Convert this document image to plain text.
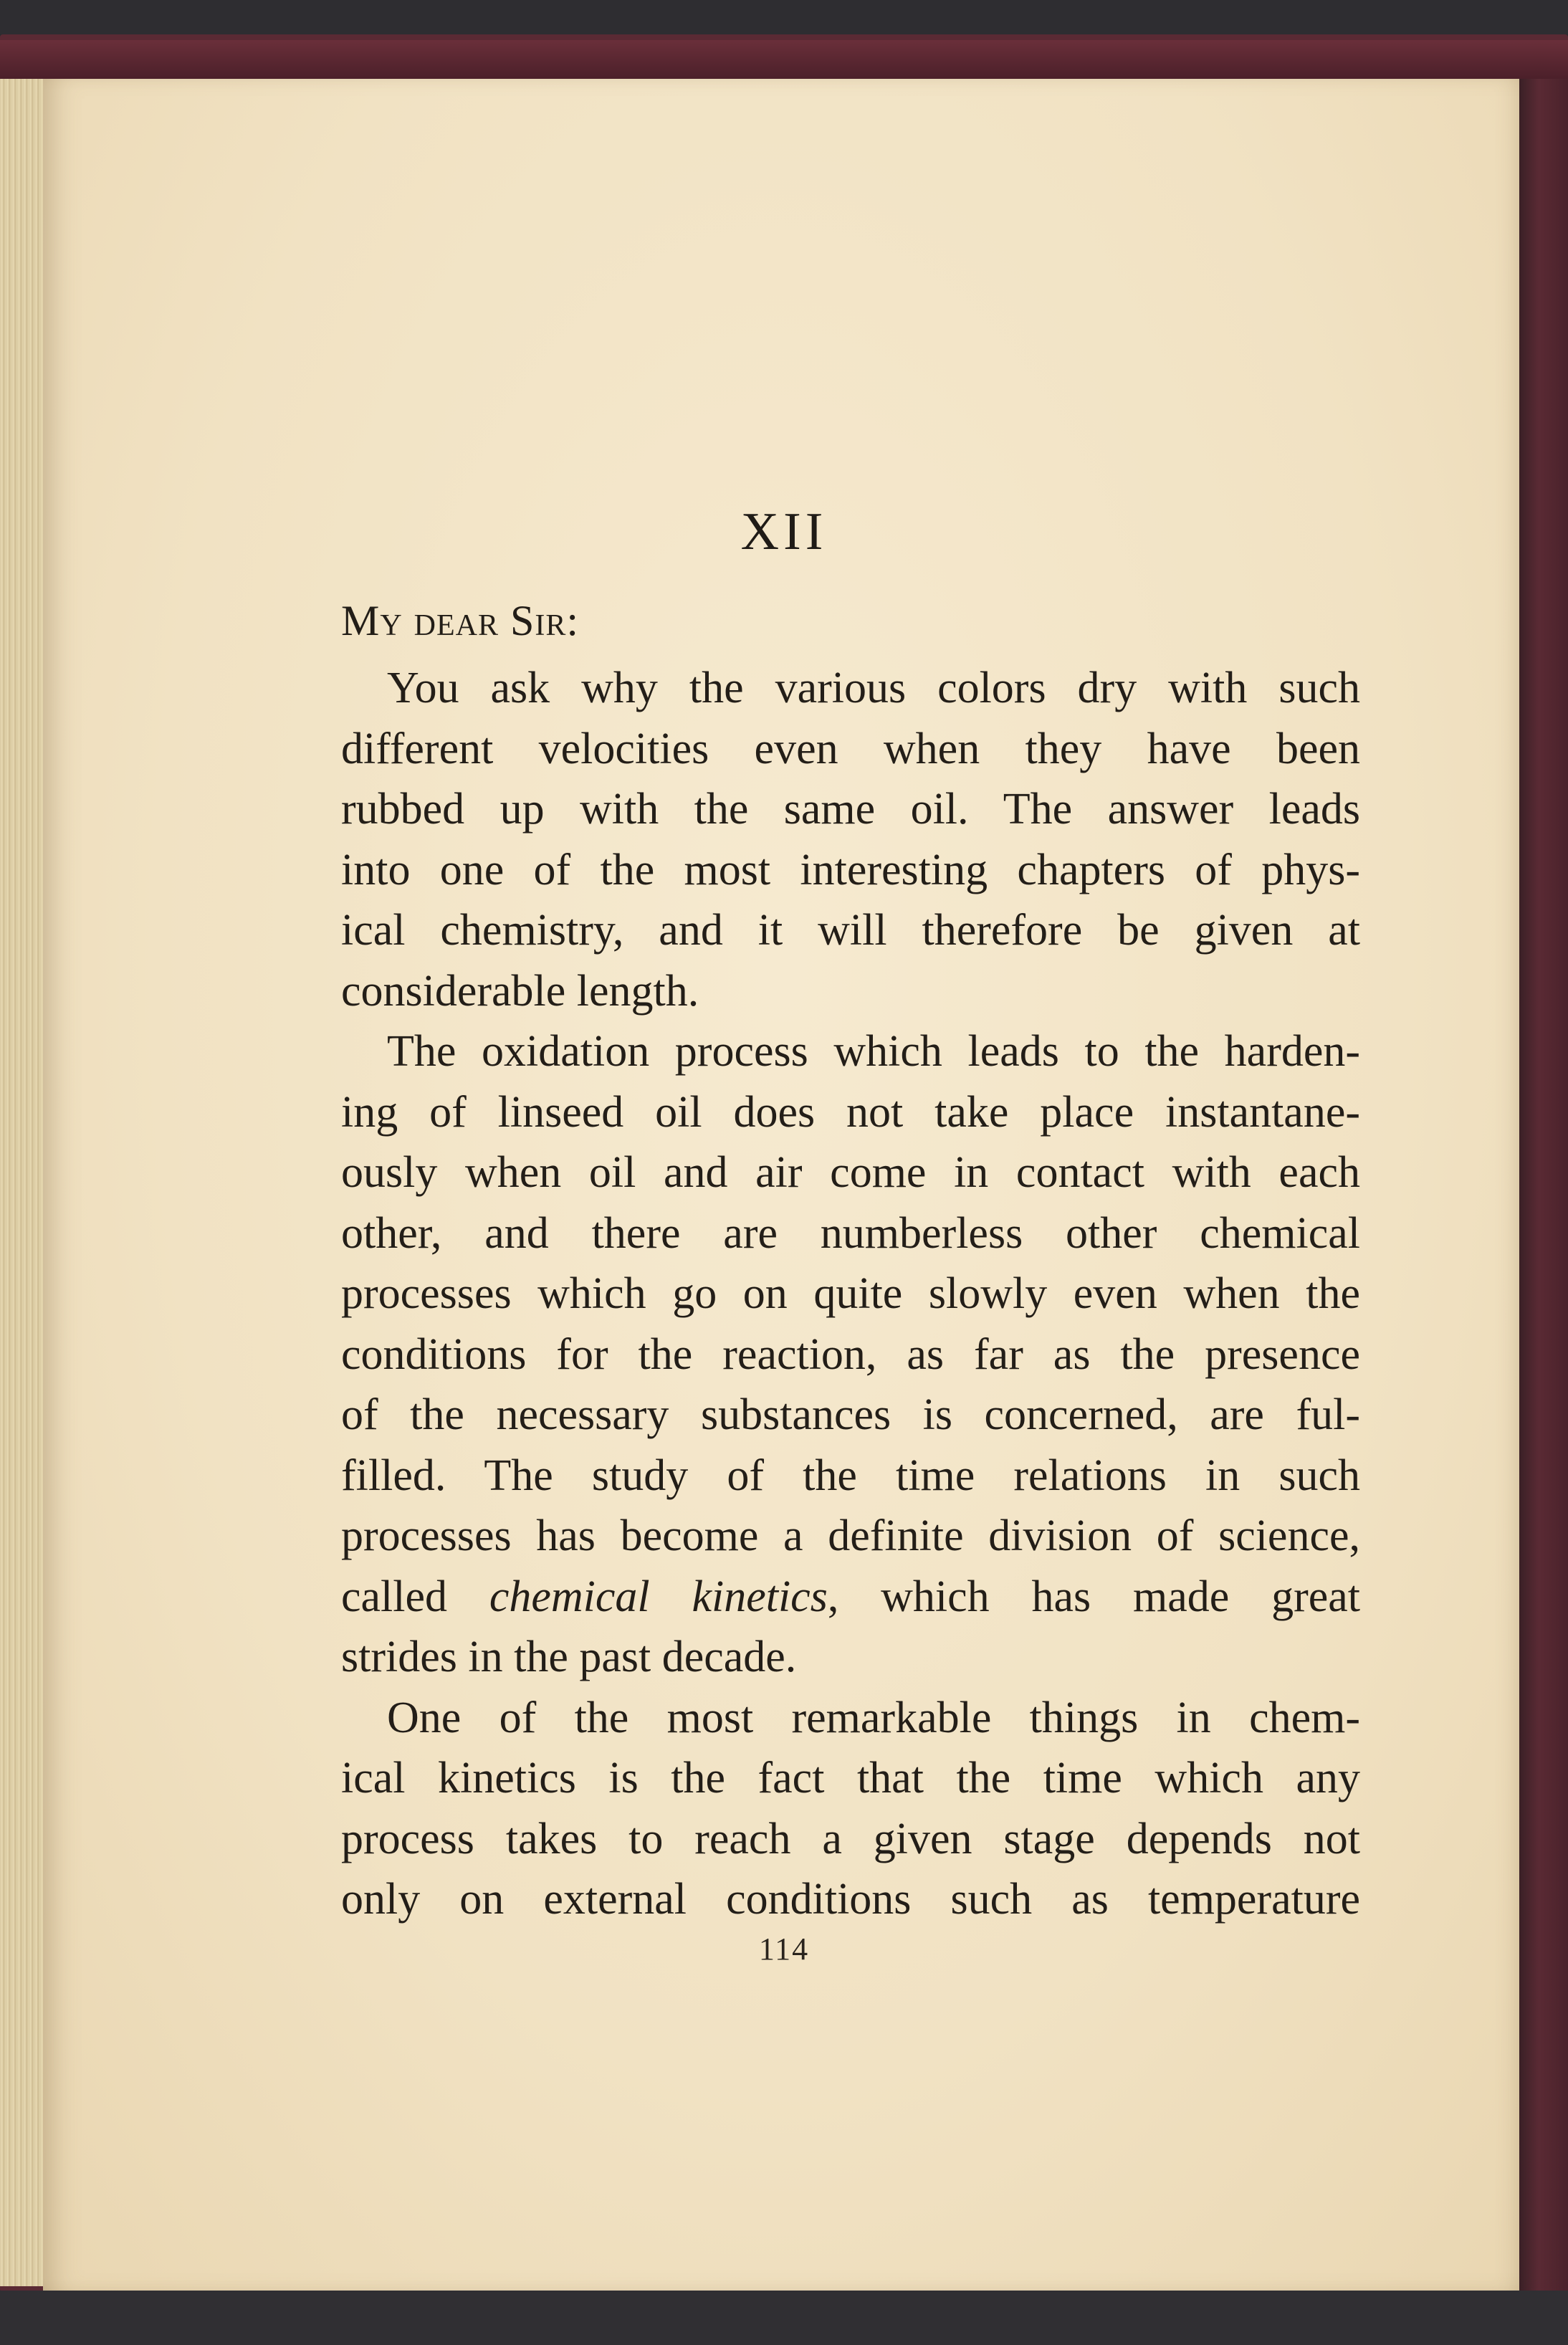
XII
My dear Sir:
You ask why the various colors dry with such
different velocities even when they have been
rubbed up with the same oil. The answer leads
into one of the most interesting chapters of phys-
ical chemistry, and it will therefore be given at
considerable length.
The oxidation process which leads to the harden-
ing of linseed oil does not take place instantane-
ously when oil and air come in contact with each
other, and there are numberless other chemical
processes which go on quite slowly even when the
conditions for the reaction, as far as the presence
of the necessary substances is concerned, are ful-
filled. The study of the time relations in such
processes has become a definite division of science,
called chemical kinetics, which has made great
strides in the past decade.
One of the most remarkable things in chem-
ical kinetics is the fact that the time which any
process takes to reach a given stage depends not
only on external conditions such as temperature
114
